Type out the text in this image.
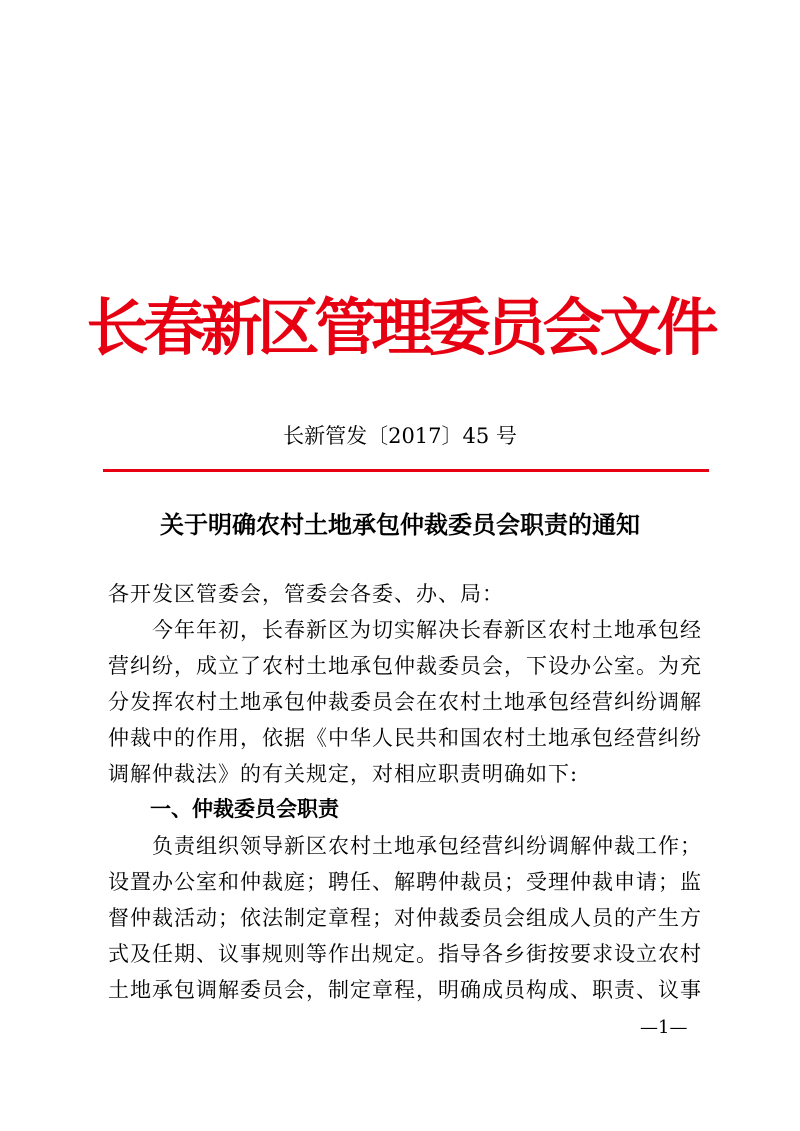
长春新区管理委员会文件
长新管发〔2017〕45 号
关于明确农村土地承包仲裁委员会职责的通知
各开发区管委会，管委会各委、办、局：
　　今年年初，长春新区为切实解决长春新区农村土地承包经
营纠纷，成立了农村土地承包仲裁委员会，下设办公室。为充
分发挥农村土地承包仲裁委员会在农村土地承包经营纠纷调解
仲裁中的作用，依据《中华人民共和国农村土地承包经营纠纷
调解仲裁法》的有关规定，对相应职责明确如下:
一、仲裁委员会职责
　　负责组织领导新区农村土地承包经营纠纷调解仲裁工作；
设置办公室和仲裁庭；聘任、解聘仲裁员；受理仲裁申请；监
督仲裁活动；依法制定章程；对仲裁委员会组成人员的产生方
式及任期、议事规则等作出规定。指导各乡街按要求设立农村
土地承包调解委员会，制定章程，明确成员构成、职责、议事
—1—
